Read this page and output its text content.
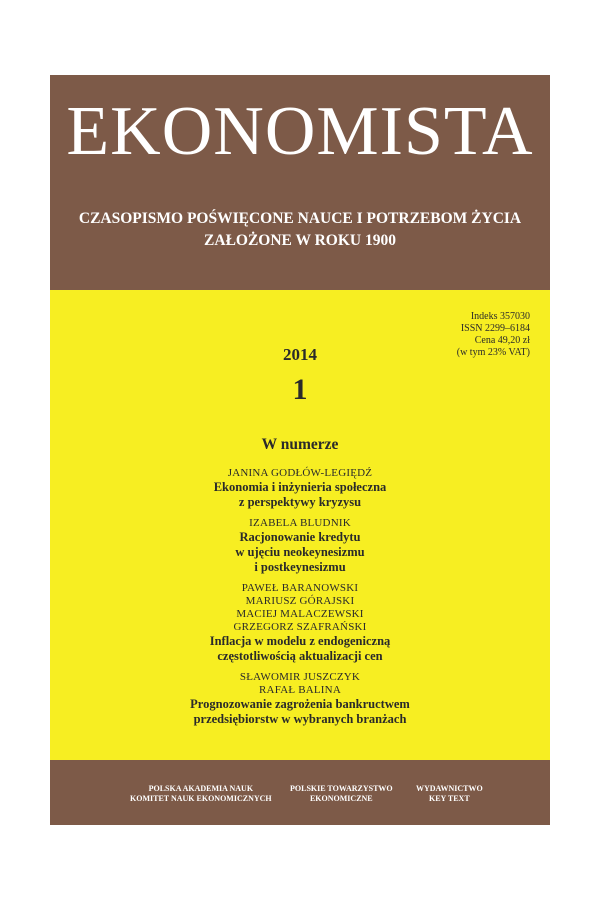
EKONOMISTA
CZASOPISMO POŚWIĘCONE NAUCE I POTRZEBOM ŻYCIA
ZAŁOŻONE W ROKU 1900
Indeks 357030
ISSN 2299–6184
Cena 49,20 zł
(w tym 23% VAT)
2014
1
W numerze
JANINA GODŁÓW-LEGIĘDŹ
Ekonomia i inżynieria społeczna
z perspektywy kryzysu
IZABELA BLUDNIK
Racjonowanie kredytu
w ujęciu neokeynesizmu
i postkeynesizmu
PAWEŁ BARANOWSKI
MARIUSZ GÓRAJSKI
MACIEJ MALACZEWSKI
GRZEGORZ SZAFRAŃSKI
Inflacja w modelu z endogeniczną
częstotliwością aktualizacji cen
SŁAWOMIR JUSZCZYK
RAFAŁ BALINA
Prognozowanie zagrożenia bankructwem
przedsiębiorstw w wybranych branżach
POLSKA AKADEMIA NAUK
KOMITET NAUK EKONOMICZNYCH
POLSKIE TOWARZYSTWO
EKONOMICZNE
WYDAWNICTWO
KEY TEXT
